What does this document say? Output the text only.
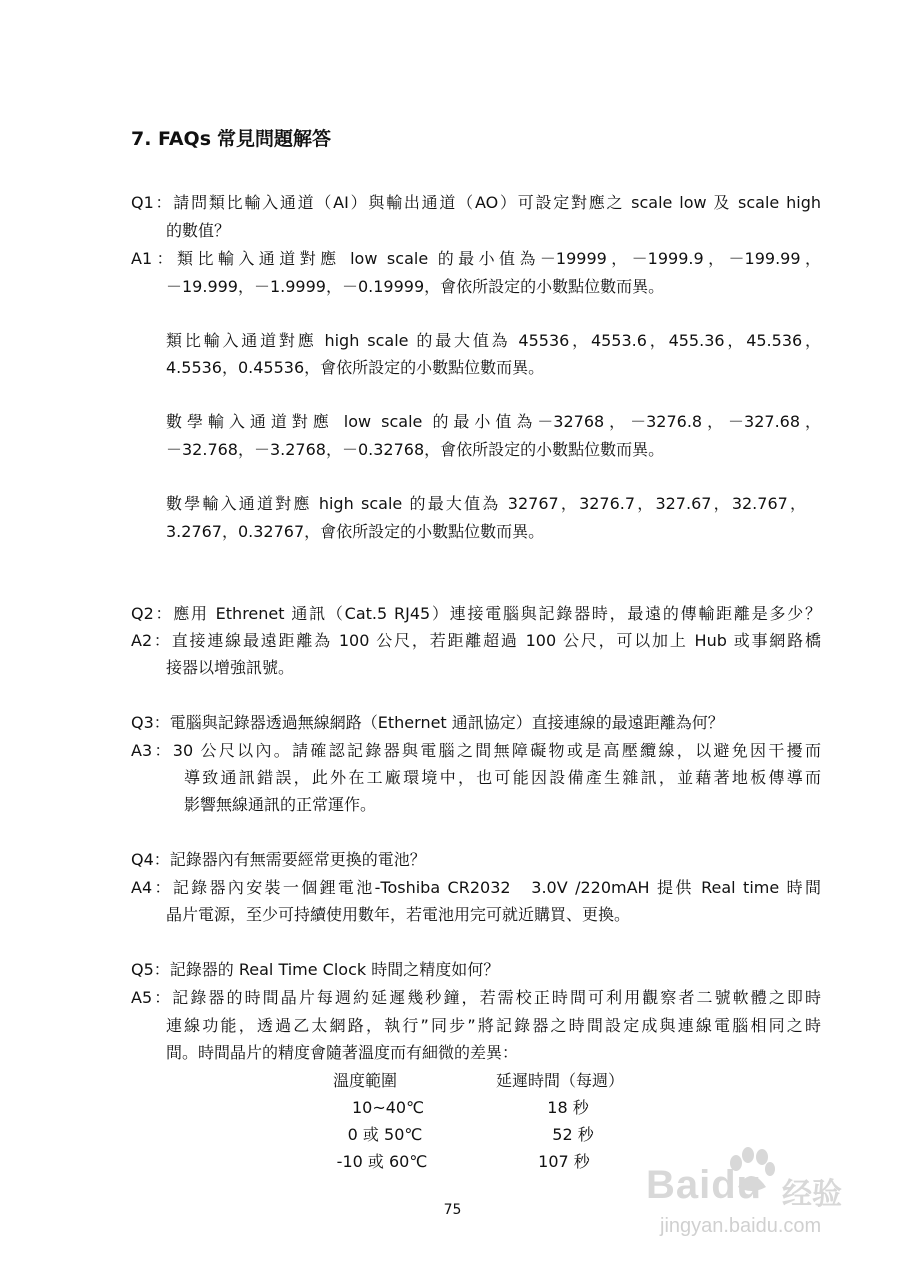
7. FAQs 常見問題解答
Q1：請問類比輸入通道（AI）與輸出通道（AO）可設定對應之 scale low 及 scale high
的數值？
A1：類比輸入通道對應 low scale 的最小值為－19999，－1999.9，－199.99，
－19.999，－1.9999，－0.19999，會依所設定的小數點位數而異。
類比輸入通道對應 high scale 的最大值為 45536，4553.6，455.36，45.536，
4.5536，0.45536，會依所設定的小數點位數而異。
數學輸入通道對應 low scale 的最小值為－32768，－3276.8，－327.68，
－32.768，－3.2768，－0.32768，會依所設定的小數點位數而異。
數學輸入通道對應 high scale 的最大值為 32767，3276.7，327.67，32.767，
3.2767，0.32767，會依所設定的小數點位數而異。
Q2：應用 Ethrenet 通訊（Cat.5 RJ45）連接電腦與記錄器時，最遠的傳輸距離是多少？
A2：直接連線最遠距離為 100 公尺，若距離超過 100 公尺，可以加上 Hub 或事網路橋
接器以增強訊號。
Q3：電腦與記錄器透過無線網路（Ethernet 通訊協定）直接連線的最遠距離為何？
A3：30 公尺以內。請確認記錄器與電腦之間無障礙物或是高壓纜線，以避免因干擾而
導致通訊錯誤，此外在工廠環境中，也可能因設備產生雜訊，並藉著地板傳導而
影響無線通訊的正常運作。
Q4：記錄器內有無需要經常更換的電池？
A4：記錄器內安裝一個鋰電池-Toshiba CR2032　3.0V /220mAH 提供 Real time 時間
晶片電源，至少可持續使用數年，若電池用完可就近購買、更換。
Q5：記錄器的 Real Time Clock 時間之精度如何？
A5：記錄器的時間晶片每週約延遲幾秒鐘，若需校正時間可利用觀察者二號軟體之即時
連線功能，透過乙太網路，執行”同步”將記錄器之時間設定成與連線電腦相同之時
間。時間晶片的精度會隨著溫度而有細微的差異：
溫度範圍	延遲時間（每週）
10~40℃	18 秒
0 或 50℃	52 秒
-10 或 60℃	107 秒
75
Baidu 经验
jingyan.baidu.com
